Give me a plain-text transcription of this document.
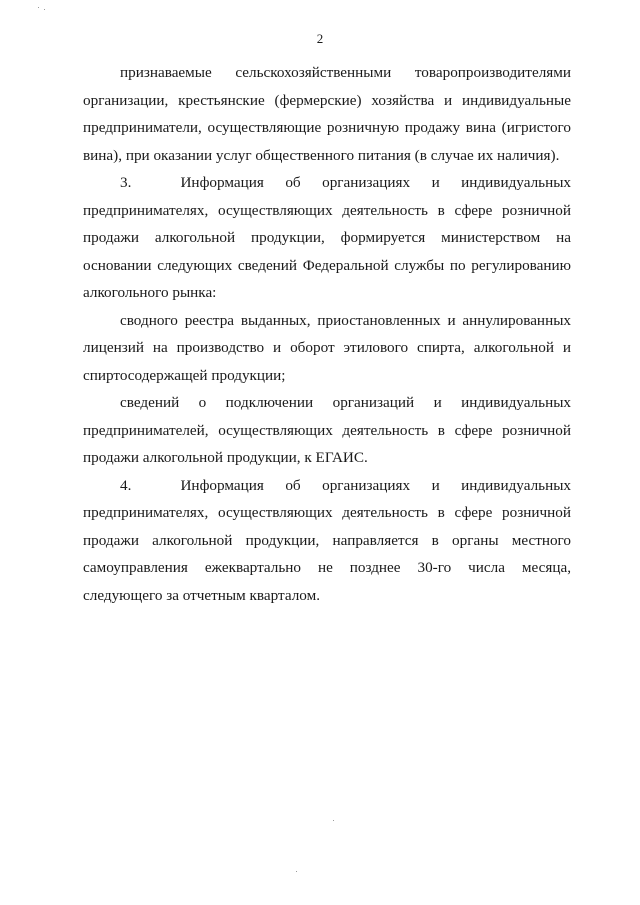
2

признаваемые сельскохозяйственными товаропроизводителями организации, крестьянские (фермерские) хозяйства и индивидуальные предприниматели, осуществляющие розничную продажу вина (игристого вина), при оказании услуг общественного питания (в случае их наличия).

3.	Информация об организациях и индивидуальных предпринимателях, осуществляющих деятельность в сфере розничной продажи алкогольной продукции, формируется министерством на основании следующих сведений Федеральной службы по регулированию алкогольного рынка:

сводного реестра выданных, приостановленных и аннулированных лицензий на производство и оборот этилового спирта, алкогольной и спиртосодержащей продукции;

сведений о подключении организаций и индивидуальных предпринимателей, осуществляющих деятельность в сфере розничной продажи алкогольной продукции, к ЕГАИС.

4.	Информация об организациях и индивидуальных предпринимателях, осуществляющих деятельность в сфере розничной продажи алкогольной продукции, направляется в органы местного самоуправления ежеквартально не позднее 30-го числа месяца, следующего за отчетным кварталом.
